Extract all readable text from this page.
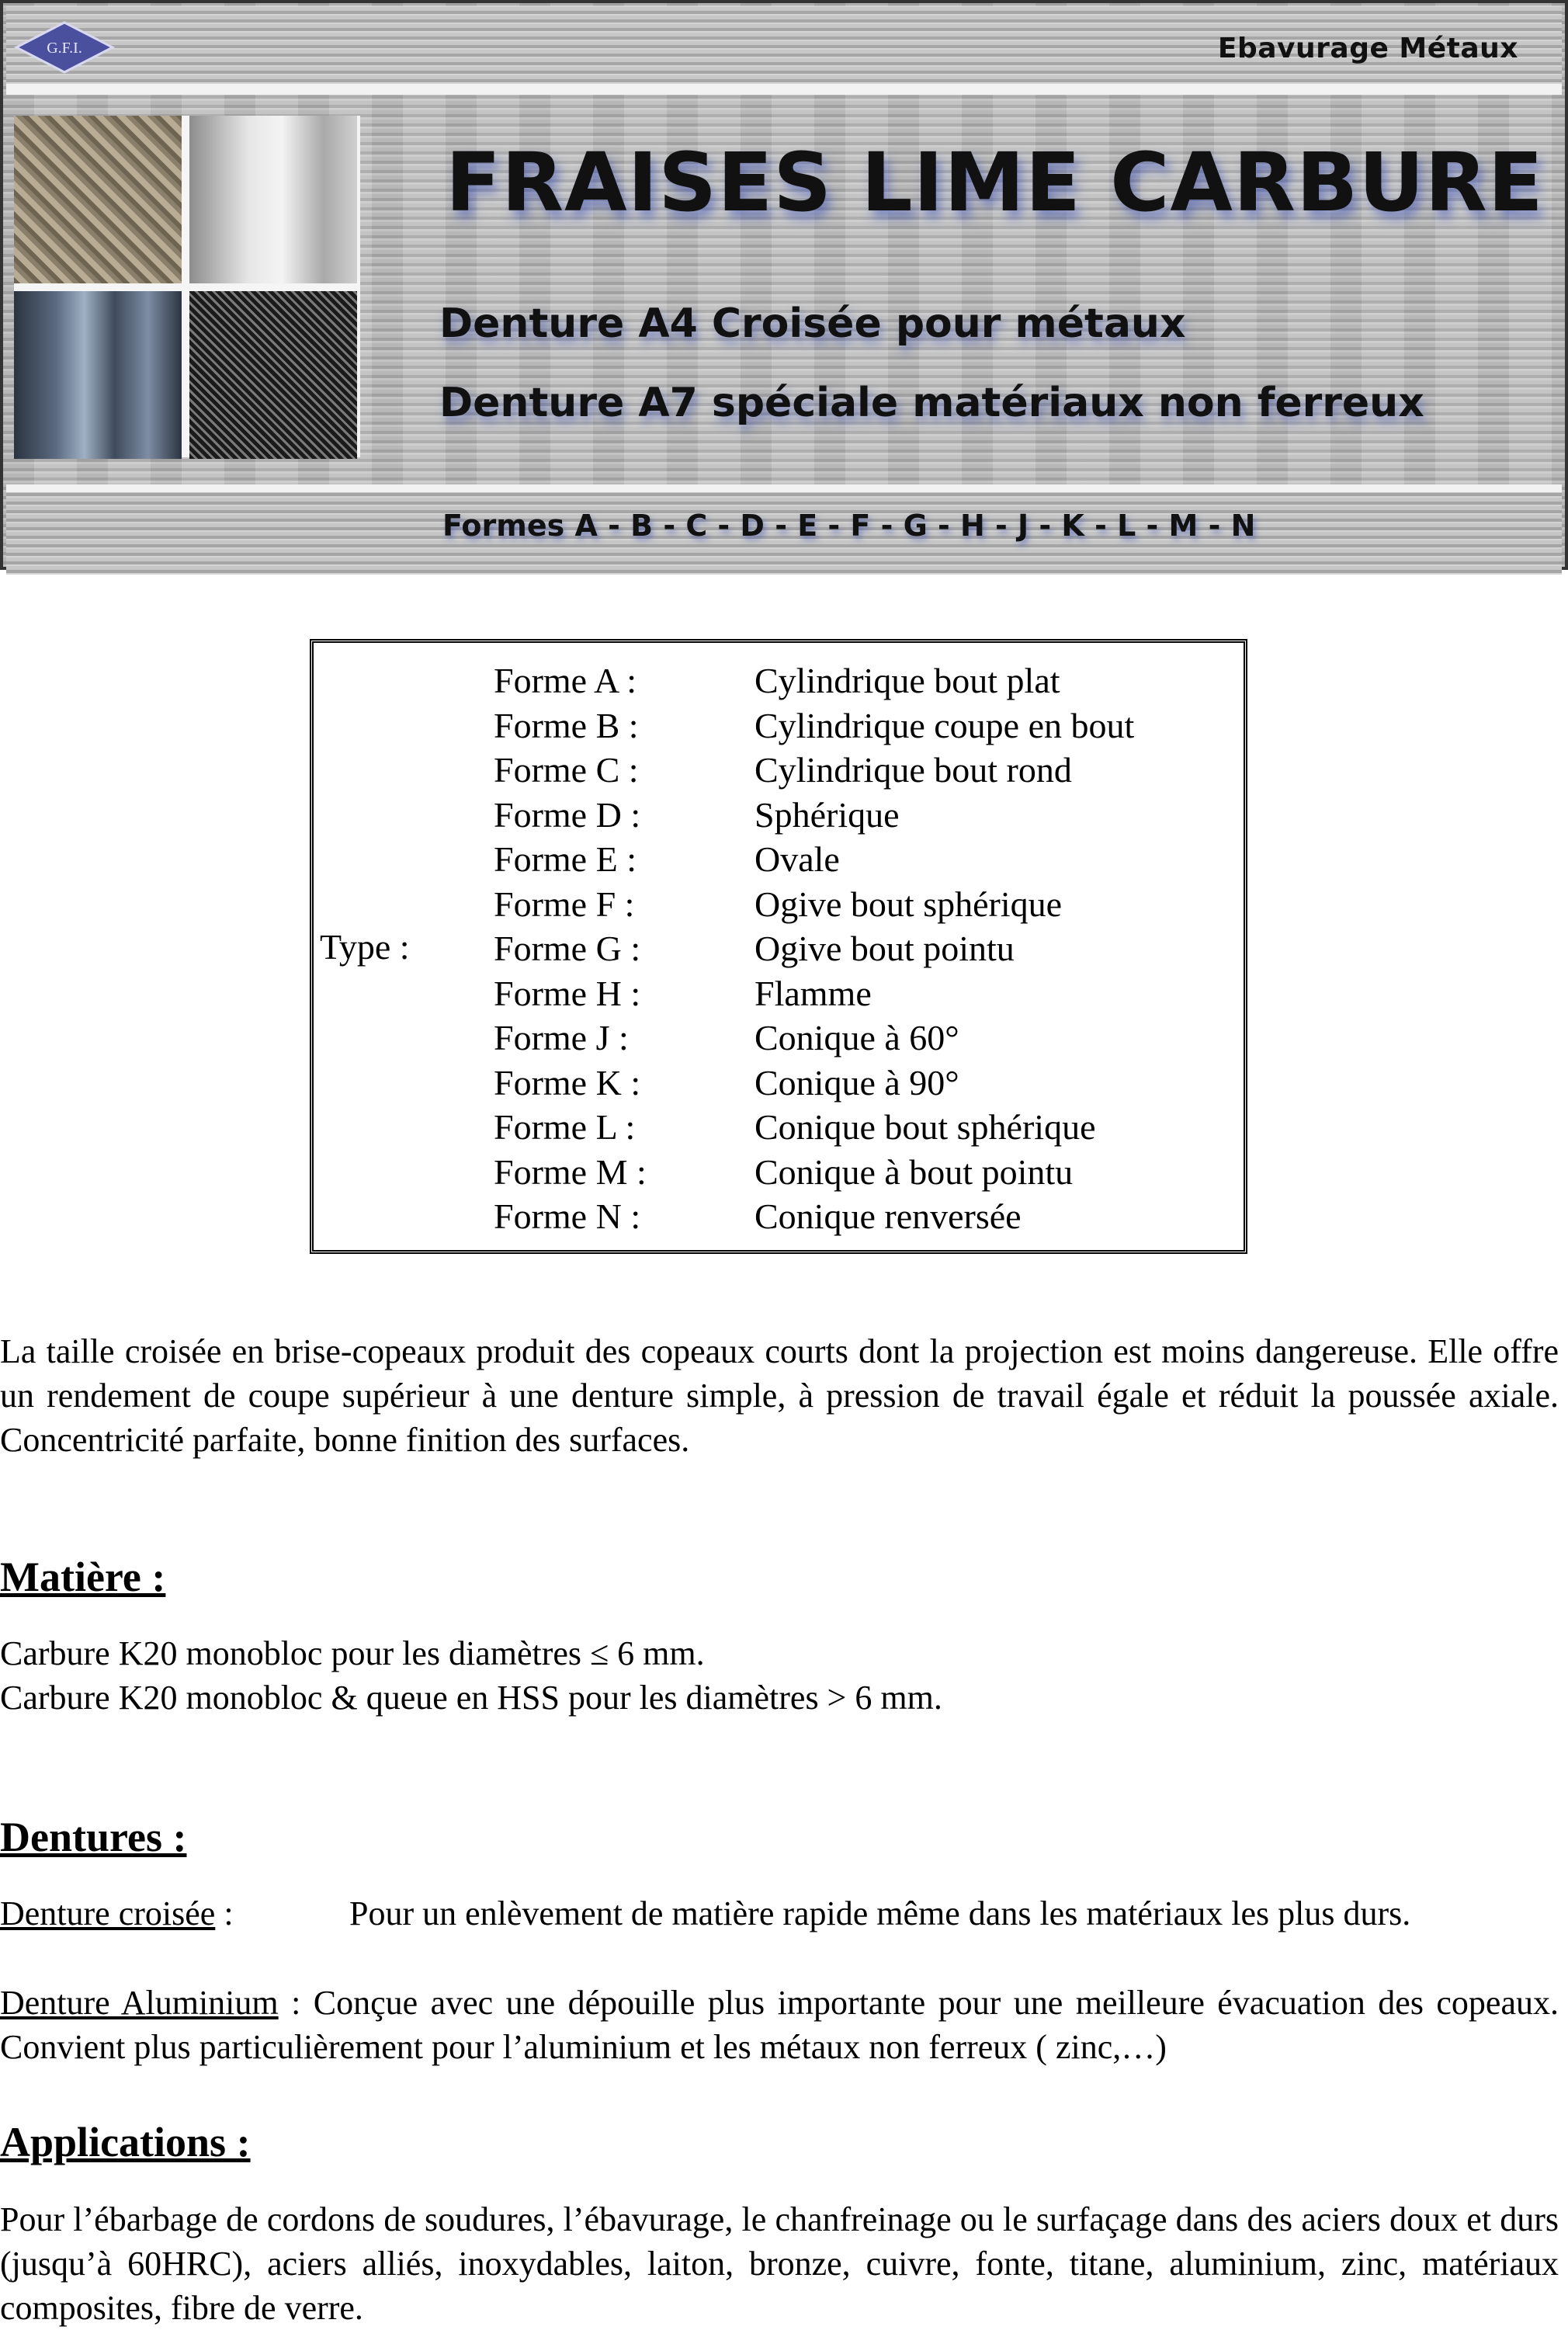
G.F.I.	Ebavurage Métaux
FRAISES LIME CARBURE
Denture A4 Croisée pour métaux
Denture A7 spéciale matériaux non ferreux
Formes A - B - C - D - E - F - G - H - J - K - L - M - N
Type :
Forme A :	Cylindrique bout plat
Forme B :	Cylindrique coupe en bout
Forme C :	Cylindrique bout rond
Forme D :	Sphérique
Forme E :	Ovale
Forme F :	Ogive bout sphérique
Forme G :	Ogive bout pointu
Forme H :	Flamme
Forme J :	Conique à 60°
Forme K :	Conique à 90°
Forme L :	Conique bout sphérique
Forme M :	Conique à bout pointu
Forme N :	Conique renversée
La taille croisée en brise-copeaux produit des copeaux courts dont la projection est moins dangereuse. Elle offre un rendement de coupe supérieur à une denture simple, à pression de travail égale et réduit la poussée axiale. Concentricité parfaite, bonne finition des surfaces.
Matière :
Carbure K20 monobloc pour les diamètres ≤ 6 mm.
Carbure K20 monobloc & queue en HSS pour les diamètres > 6 mm.
Dentures :
Denture croisée :	Pour un enlèvement de matière rapide même dans les matériaux les plus durs.
Denture Aluminium : Conçue avec une dépouille plus importante pour une meilleure évacuation des copeaux. Convient plus particulièrement pour l’aluminium et les métaux non ferreux ( zinc,…)
Applications :
Pour l’ébarbage de cordons de soudures, l’ébavurage, le chanfreinage ou le surfaçage dans des aciers doux et durs (jusqu’à 60HRC), aciers alliés, inoxydables, laiton, bronze, cuivre, fonte, titane, aluminium, zinc, matériaux composites, fibre de verre.
